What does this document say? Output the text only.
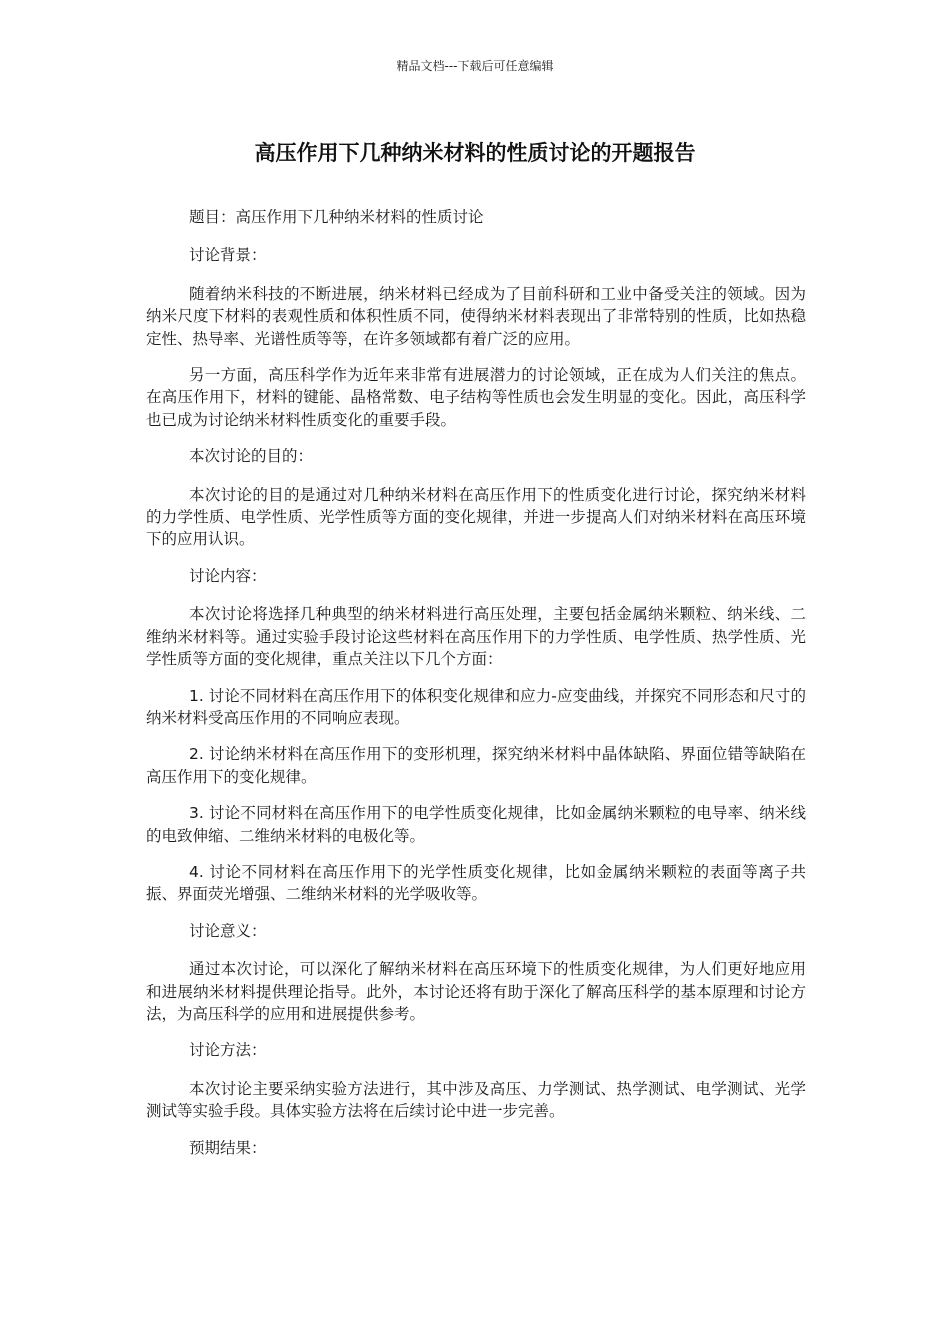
精品文档---下载后可任意编辑
高压作用下几种纳米材料的性质讨论的开题报告

题目：高压作用下几种纳米材料的性质讨论

讨论背景：

随着纳米科技的不断进展，纳米材料已经成为了目前科研和工业中备受关注的领域。因为纳米尺度下材料的表观性质和体积性质不同，使得纳米材料表现出了非常特别的性质，比如热稳定性、热导率、光谱性质等等，在许多领域都有着广泛的应用。

另一方面，高压科学作为近年来非常有进展潜力的讨论领域，正在成为人们关注的焦点。在高压作用下，材料的键能、晶格常数、电子结构等性质也会发生明显的变化。因此，高压科学也已成为讨论纳米材料性质变化的重要手段。

本次讨论的目的：

本次讨论的目的是通过对几种纳米材料在高压作用下的性质变化进行讨论，探究纳米材料的力学性质、电学性质、光学性质等方面的变化规律，并进一步提高人们对纳米材料在高压环境下的应用认识。

讨论内容：

本次讨论将选择几种典型的纳米材料进行高压处理，主要包括金属纳米颗粒、纳米线、二维纳米材料等。通过实验手段讨论这些材料在高压作用下的力学性质、电学性质、热学性质、光学性质等方面的变化规律，重点关注以下几个方面：

1. 讨论不同材料在高压作用下的体积变化规律和应力-应变曲线，并探究不同形态和尺寸的纳米材料受高压作用的不同响应表现。

2. 讨论纳米材料在高压作用下的变形机理，探究纳米材料中晶体缺陷、界面位错等缺陷在高压作用下的变化规律。

3. 讨论不同材料在高压作用下的电学性质变化规律，比如金属纳米颗粒的电导率、纳米线的电致伸缩、二维纳米材料的电极化等。

4. 讨论不同材料在高压作用下的光学性质变化规律，比如金属纳米颗粒的表面等离子共振、界面荧光增强、二维纳米材料的光学吸收等。

讨论意义：

通过本次讨论，可以深化了解纳米材料在高压环境下的性质变化规律，为人们更好地应用和进展纳米材料提供理论指导。此外，本讨论还将有助于深化了解高压科学的基本原理和讨论方法，为高压科学的应用和进展提供参考。

讨论方法：

本次讨论主要采纳实验方法进行，其中涉及高压、力学测试、热学测试、电学测试、光学测试等实验手段。具体实验方法将在后续讨论中进一步完善。

预期结果：
